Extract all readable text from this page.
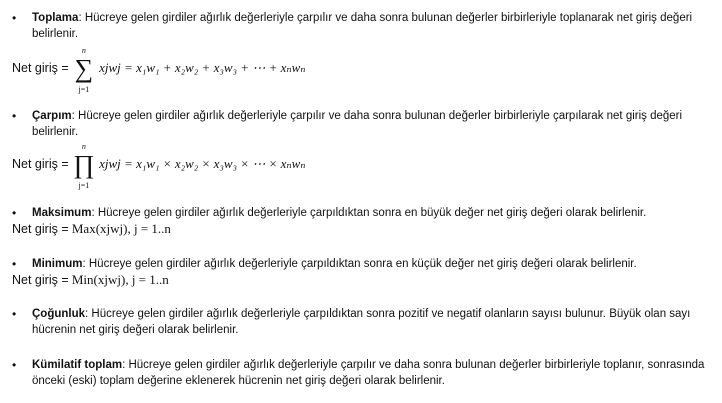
• Toplama: Hücreye gelen girdiler ağırlık değerleriyle çarpılır ve daha sonra bulunan değerler birbirleriyle toplanarak net giriş değeri belirlenir.
Net giriş =
n
∑
j=1
xjwj = x₁w₁ + x₂w₂ + x₃w₃ + ⋯ + xₙwₙ
• Çarpım: Hücreye gelen girdiler ağırlık değerleriyle çarpılır ve daha sonra bulunan değerler birbirleriyle çarpılarak net giriş değeri belirlenir.
Net giriş =
n
∏
j=1
xjwj = x₁w₁ × x₂w₂ × x₃w₃ × ⋯ × xₙwₙ
• Maksimum: Hücreye gelen girdiler ağırlık değerleriyle çarpıldıktan sonra en büyük değer net giriş değeri olarak belirlenir.
Net giriş = Max(xjwj), j = 1..n
• Minimum: Hücreye gelen girdiler ağırlık değerleriyle çarpıldıktan sonra en küçük değer net giriş değeri olarak belirlenir.
Net giriş = Min(xjwj), j = 1..n
• Çoğunluk: Hücreye gelen girdiler ağırlık değerleriyle çarpıldıktan sonra pozitif ve negatif olanların sayısı bulunur. Büyük olan sayı hücrenin net giriş değeri olarak belirlenir.
• Kümilatif toplam: Hücreye gelen girdiler ağırlık değerleriyle çarpılır ve daha sonra bulunan değerler birbirleriyle toplanır, sonrasında önceki (eski) toplam değerine eklenerek hücrenin net giriş değeri olarak belirlenir.
